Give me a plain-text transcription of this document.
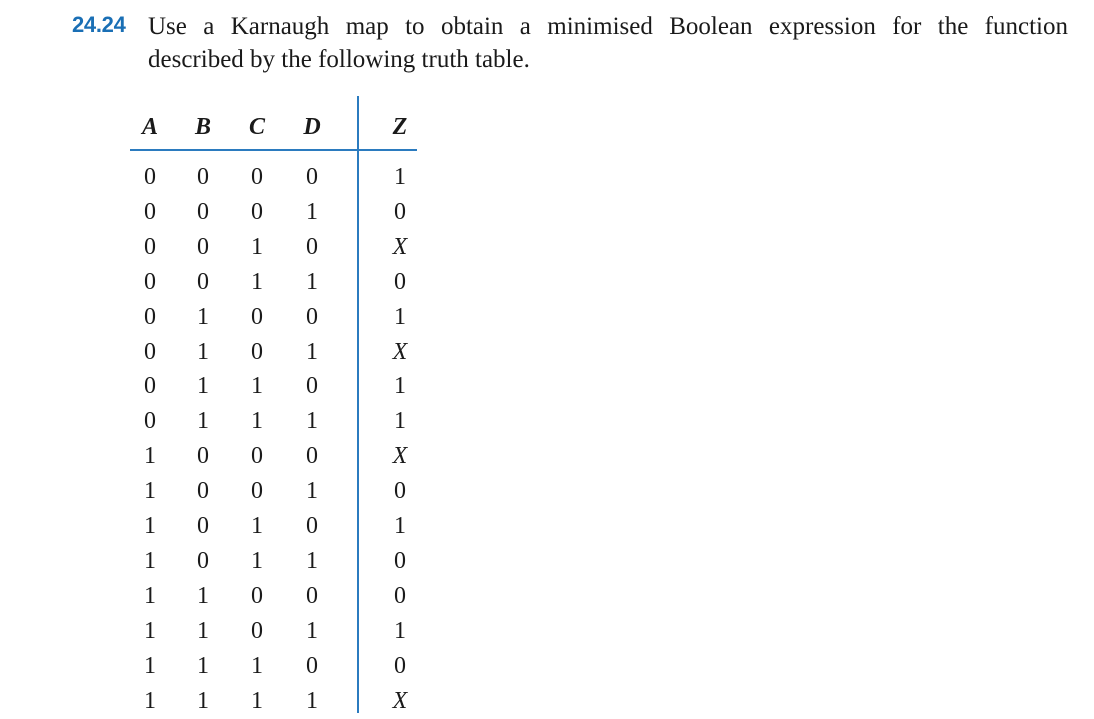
24.24 Use a Karnaugh map to obtain a minimised Boolean expression for the function
described by the following truth table.
A	B	C	D	Z
0	0	0	0	1
0	0	0	1	0
0	0	1	0	X
0	0	1	1	0
0	1	0	0	1
0	1	0	1	X
0	1	1	0	1
0	1	1	1	1
1	0	0	0	X
1	0	0	1	0
1	0	1	0	1
1	0	1	1	0
1	1	0	0	0
1	1	0	1	1
1	1	1	0	0
1	1	1	1	X
